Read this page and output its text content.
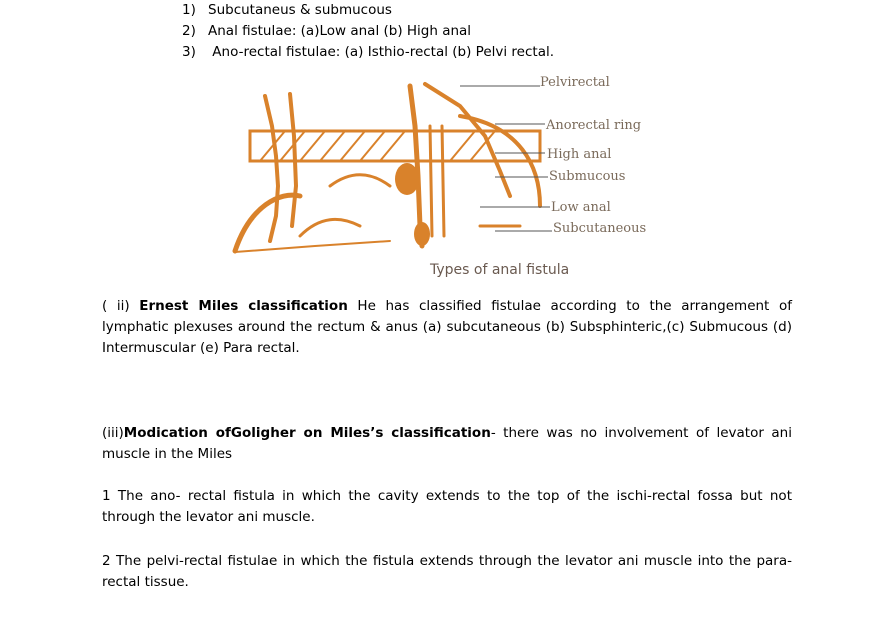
1) Subcutaneus & submucous
2) Anal fistulae: (a)Low anal (b) High anal
3) Ano-rectal fistulae: (a) Isthio-rectal (b) Pelvi rectal.
Pelvirectal
Anorectal ring
High anal
Submucous
Low anal
Subcutaneous
Types of anal fistula
( ii) Ernest Miles classification He has classified fistulae according to the arrangement of lymphatic plexuses around the rectum & anus (a) subcutaneous (b) Subsphinteric,(c) Submucous (d) Intermuscular (e) Para rectal.
(iii)Modication ofGoligher on Miles’s classification- there was no involvement of levator ani muscle in the Miles
1 The ano- rectal fistula in which the cavity extends to the top of the ischi-rectal fossa but not through the levator ani muscle.
2 The pelvi-rectal fistulae in which the fistula extends through the levator ani muscle into the para- rectal tissue.
